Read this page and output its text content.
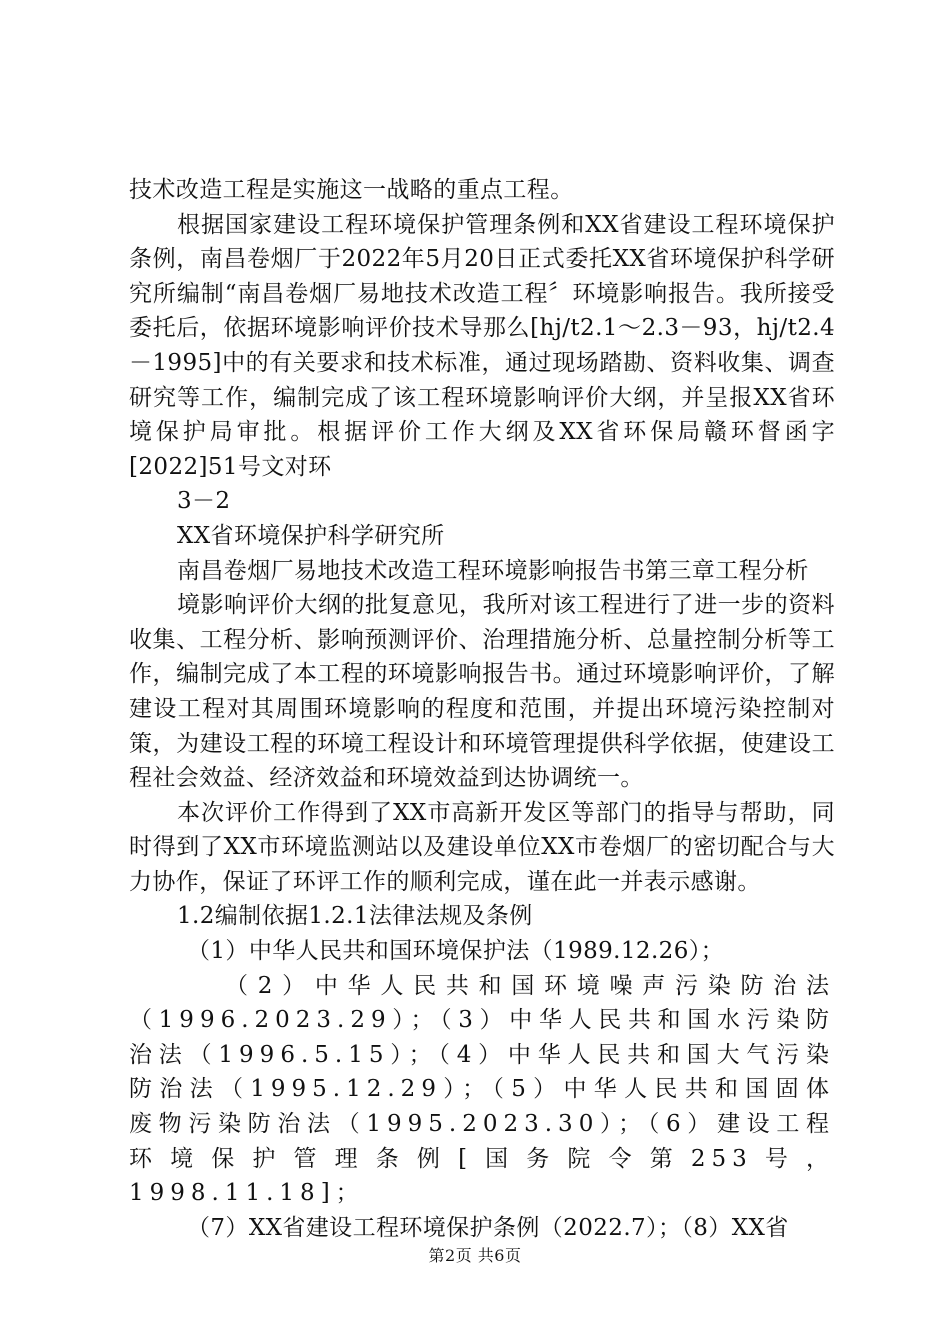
技术改造工程是实施这一战略的重点工程。

根据国家建设工程环境保护管理条例和XX省建设工程环境保护条例，南昌卷烟厂于2022年5月20日正式委托XX省环境保护科学研究所编制“南昌卷烟厂易地技术改造工程〞环境影响报告。我所接受委托后，依据环境影响评价技术导那么[hj/t2.1～2.3－93，hj/t2.4－1995]中的有关要求和技术标准，通过现场踏勘、资料收集、调查研究等工作，编制完成了该工程环境影响评价大纲，并呈报XX省环境保护局审批。根据评价工作大纲及XX省环保局赣环督函字[2022]51号文对环

3－2

XX省环境保护科学研究所

南昌卷烟厂易地技术改造工程环境影响报告书第三章工程分析

境影响评价大纲的批复意见，我所对该工程进行了进一步的资料收集、工程分析、影响预测评价、治理措施分析、总量控制分析等工作，编制完成了本工程的环境影响报告书。通过环境影响评价，了解建设工程对其周围环境影响的程度和范围，并提出环境污染控制对策，为建设工程的环境工程设计和环境管理提供科学依据，使建设工程社会效益、经济效益和环境效益到达协调统一。

本次评价工作得到了XX市高新开发区等部门的指导与帮助，同时得到了XX市环境监测站以及建设单位XX市卷烟厂的密切配合与大力协作，保证了环评工作的顺利完成，谨在此一并表示感谢。

1.2编制依据1.2.1法律法规及条例

（1）中华人民共和国环境保护法（1989.12.26）；

（2）中华人民共和国环境噪声污染防治法（1996.2023.29）；（3）中华人民共和国水污染防治法（1996.5.15）；（4）中华人民共和国大气污染防治法（1995.12.29）；（5）中华人民共和国固体废物污染防治法（1995.2023.30）；（6）建设工程环境保护管理条例[国务院令第253号，1998.11.18]；

（7）XX省建设工程环境保护条例（2022.7）；（8）XX省

第2页 共6页
